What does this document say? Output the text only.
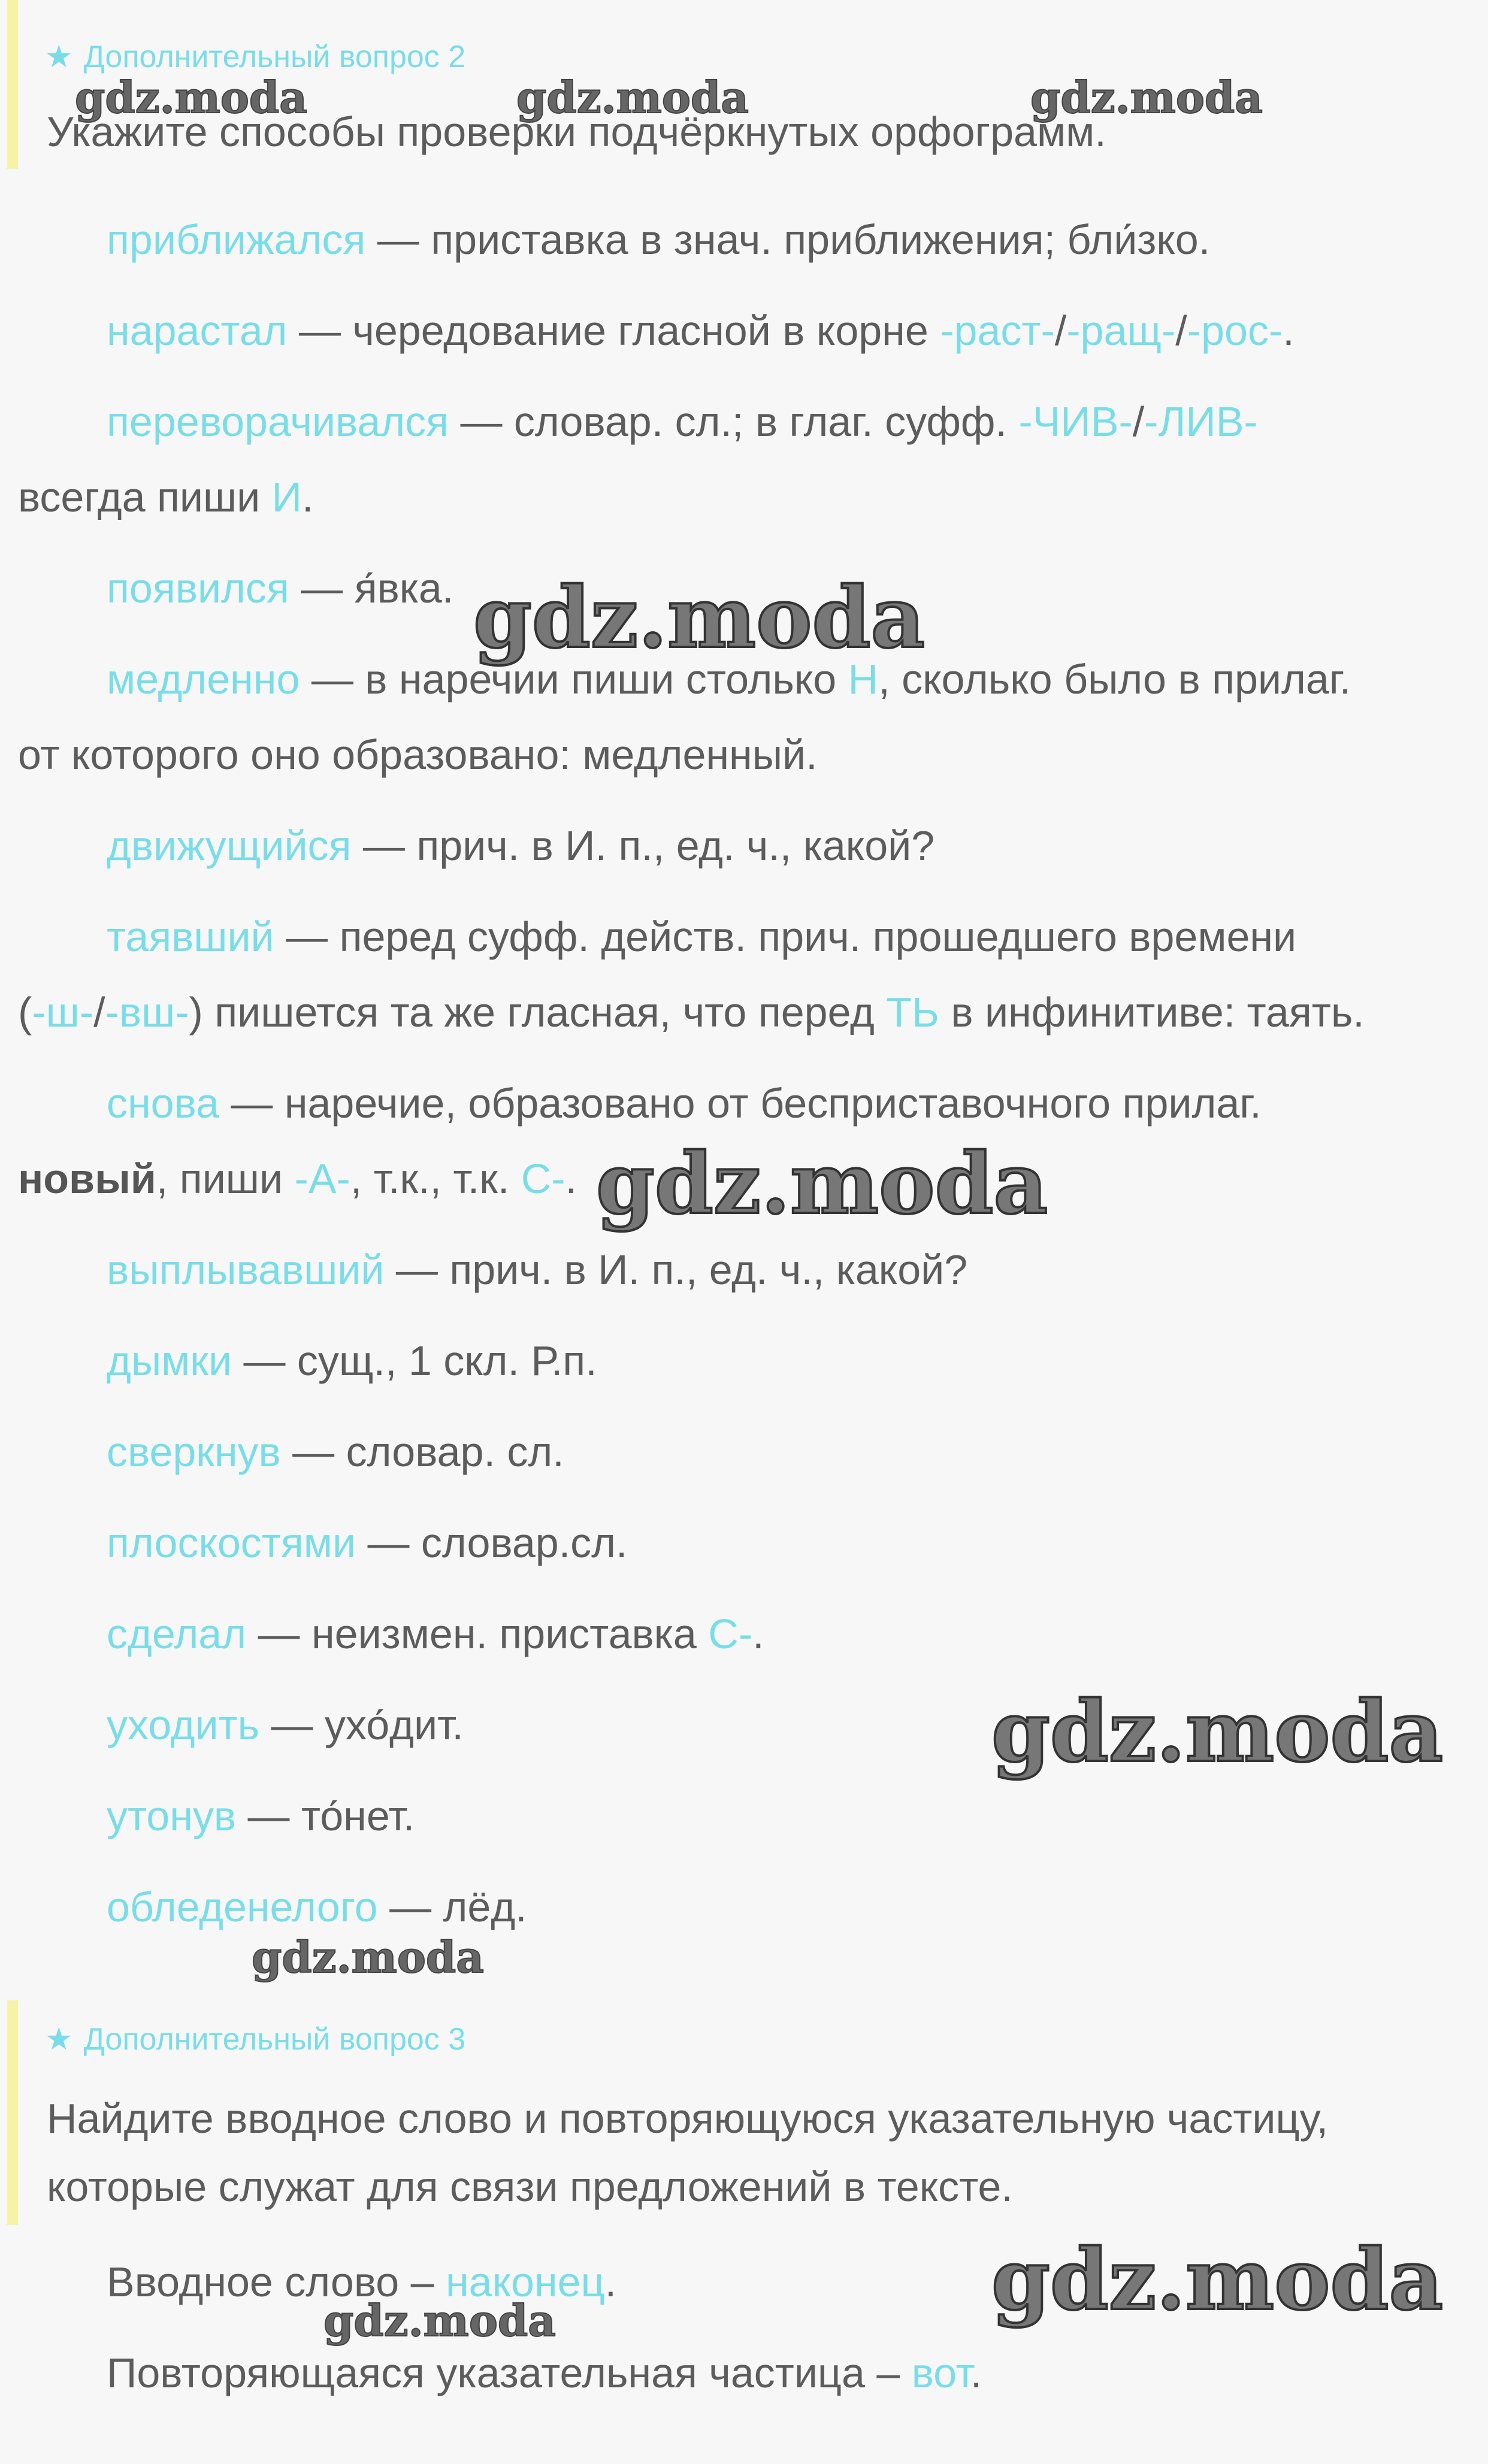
★ Дополнительный вопрос 2
Укажите способы проверки подчёркнутых орфограмм.
приближался — приставка в знач. приближения; бли́зко.
нарастал — чередование гласной в корне -раст-/-ращ-/-рос-.
переворачивался — словар. сл.; в глаг. суфф. -ЧИВ-/-ЛИВ-
всегда пиши И.
появился — я́вка.
медленно — в наречии пиши столько Н, сколько было в прилаг.
от которого оно образовано: медленный.
движущийся — прич. в И. п., ед. ч., какой?
таявший — перед суфф. действ. прич. прошедшего времени
(-ш-/-вш-) пишется та же гласная, что перед ТЬ в инфинитиве: таять.
снова — наречие, образовано от бесприставочного прилаг.
новый, пиши -А-, т.к., т.к. С-.
выплывавший — прич. в И. п., ед. ч., какой?
дымки — сущ., 1 скл. Р.п.
сверкнув — словар. сл.
плоскостями — словар.сл.
сделал — неизмен. приставка С-.
уходить — ухо́дит.
утонув — то́нет.
обледенелого — лёд.
★ Дополнительный вопрос 3
Найдите вводное слово и повторяющуюся указательную частицу,
которые служат для связи предложений в тексте.
Вводное слово – наконец.
Повторяющаяся указательная частица – вот.
gdz.moda	gdz.moda	gdz.moda
gdz.moda
gdz.moda
gdz.moda
gdz.moda
gdz.moda
gdz.moda
